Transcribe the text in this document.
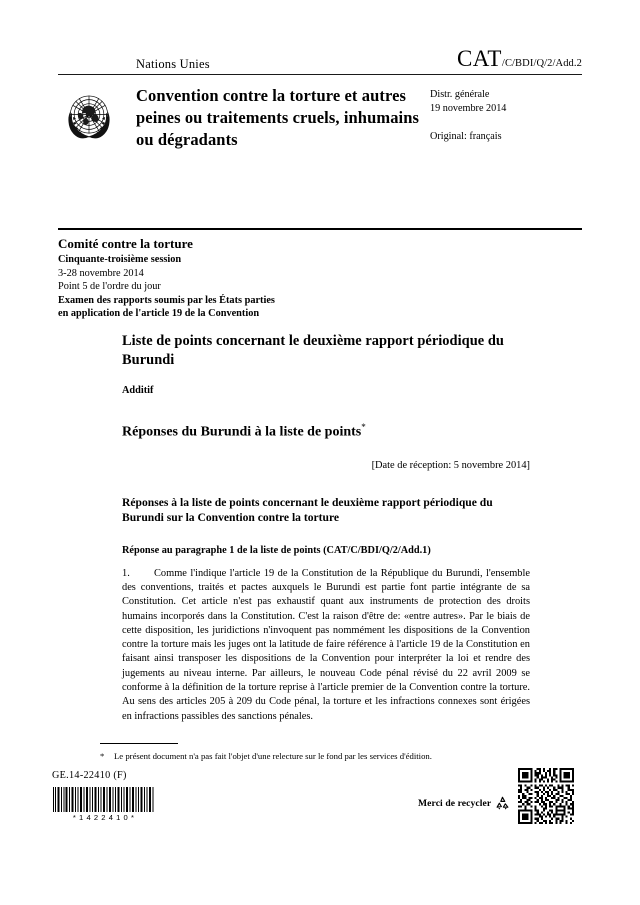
Nations Unies	CAT/C/BDI/Q/2/Add.2
Convention contre la torture et autres peines ou traitements cruels, inhumains ou dégradants
Distr. générale
19 novembre 2014
Original: français
Comité contre la torture
Cinquante-troisième session
3-28 novembre 2014
Point 5 de l'ordre du jour
Examen des rapports soumis par les États parties
en application de l'article 19 de la Convention
Liste de points concernant le deuxième rapport périodique du Burundi
Additif
Réponses du Burundi à la liste de points*
[Date de réception: 5 novembre 2014]
Réponses à la liste de points concernant le deuxième rapport périodique du Burundi sur la Convention contre la torture
Réponse au paragraphe 1 de la liste de points (CAT/C/BDI/Q/2/Add.1)
1. Comme l'indique l'article 19 de la Constitution de la République du Burundi, l'ensemble des conventions, traités et pactes auxquels le Burundi est partie font partie intégrante de sa Constitution. Cet article n'est pas exhaustif quant aux instruments de protection des droits humains incorporés dans la Constitution. C'est la raison d'être de: «entre autres». Par le biais de cette disposition, les juridictions n'invoquent pas nommément les dispositions de la Convention contre la torture mais les juges ont la latitude de faire référence à l'article 19 de la Constitution en faisant ainsi transposer les dispositions de la Convention pour interpréter la loi et rendre des jugements au niveau interne. Par ailleurs, le nouveau Code pénal révisé du 22 avril 2009 se conforme à la définition de la torture reprise à l'article premier de la Convention contre la torture. Au sens des articles 205 à 209 du Code pénal, la torture et les infractions connexes sont érigées en infractions passibles des sanctions pénales.
* Le présent document n'a pas fait l'objet d'une relecture sur le fond par les services d'édition.
GE.14-22410 (F)
*1422410*
Merci de recycler
